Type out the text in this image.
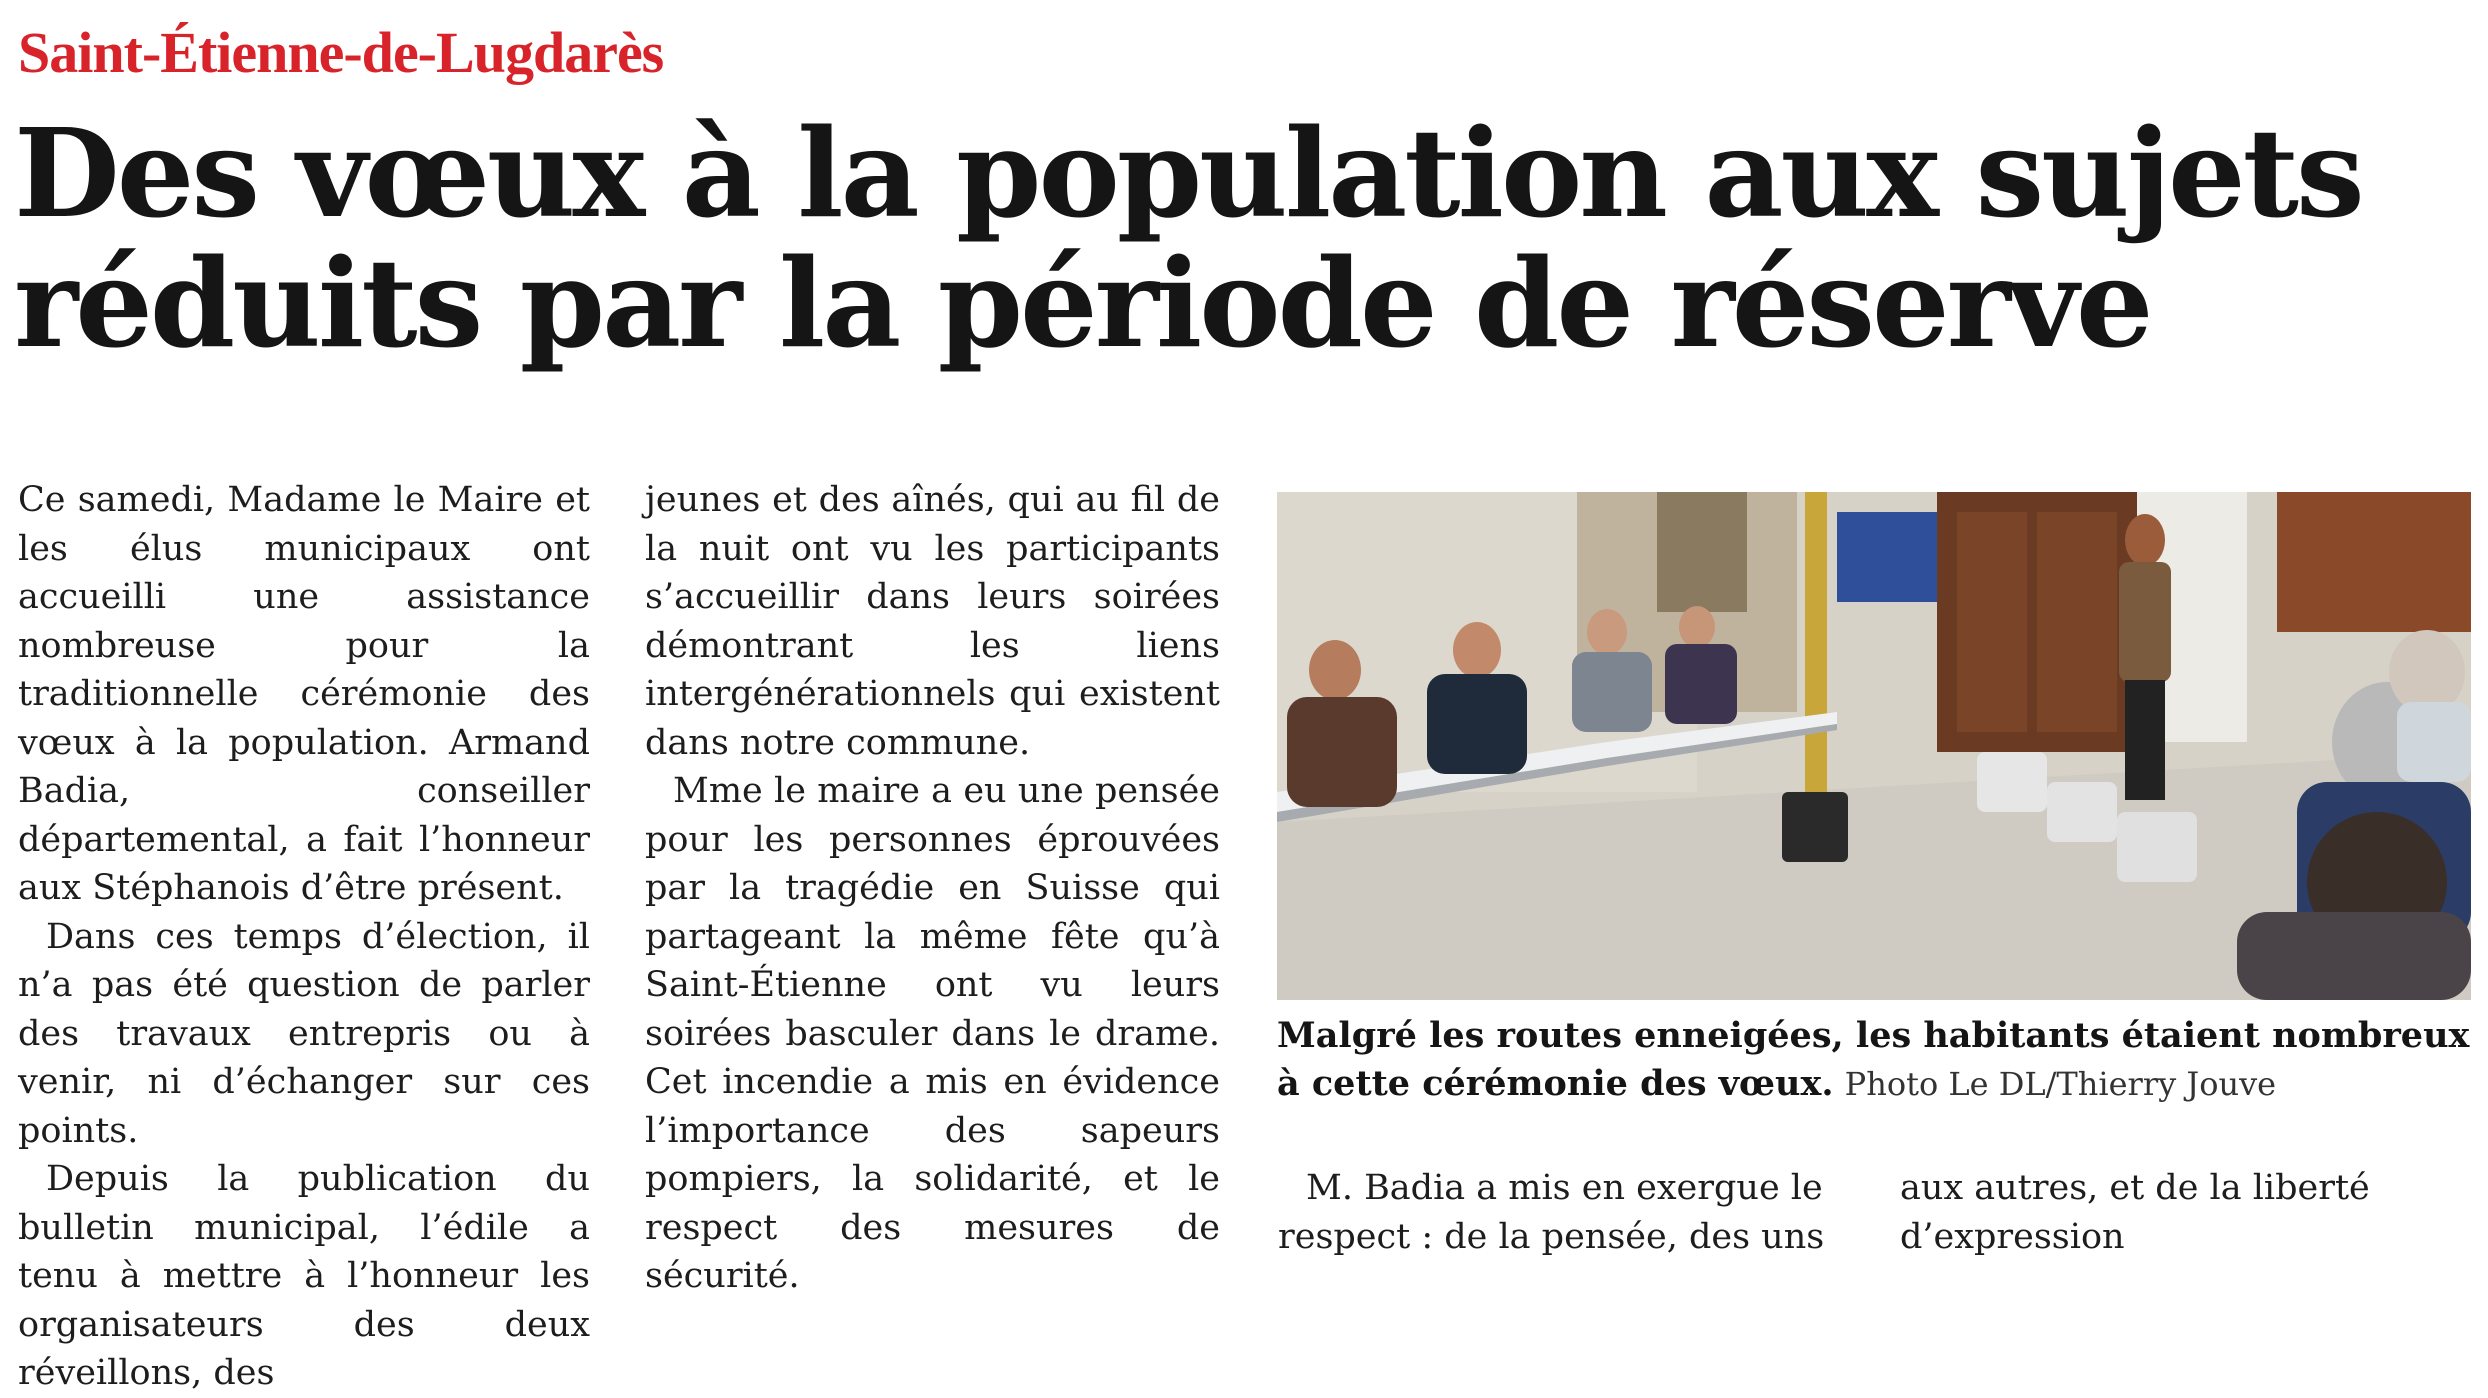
Saint-Étienne-de-Lugdarès
Des vœux à la population aux sujets
réduits par la période de réserve

Ce samedi, Madame le Maire et les élus municipaux ont accueilli une assistance nombreuse pour la traditionnelle cérémonie des vœux à la population. Armand Badia, conseiller départemental, a fait l’honneur aux Stéphanois d’être présent.

Dans ces temps d’élection, il n’a pas été question de parler des travaux entrepris ou à venir, ni d’échanger sur ces points.

Depuis la publication du bulletin municipal, l’édile a tenu à mettre à l’honneur les organisateurs des deux réveillons, des

jeunes et des aînés, qui au fil de la nuit ont vu les participants s’accueillir dans leurs soirées démontrant les liens intergénérationnels qui existent dans notre commune.

Mme le maire a eu une pensée pour les personnes éprouvées par la tragédie en Suisse qui partageant la même fête qu’à Saint-Étienne ont vu leurs soirées basculer dans le drame. Cet incendie a mis en évidence l’importance des sapeurs pompiers, la solidarité, et le respect des mesures de sécurité.

Malgré les routes enneigées, les habitants étaient nombreux à cette cérémonie des vœux. Photo Le DL/Thierry Jouve

M. Badia a mis en exergue le respect : de la pensée, des uns

aux autres, et de la liberté d’expression
